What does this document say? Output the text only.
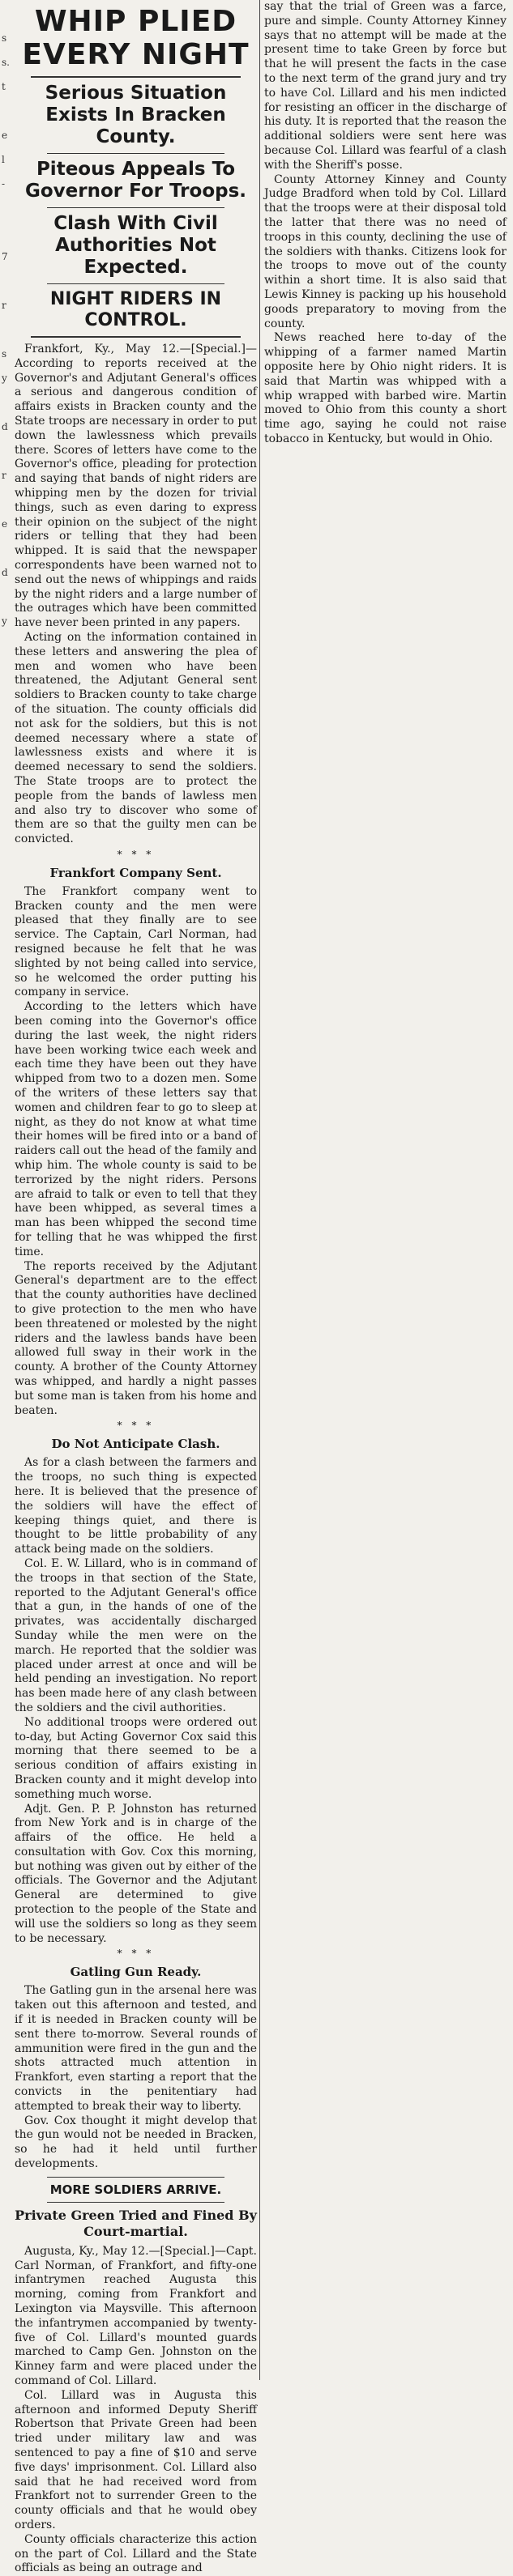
s
s.
t
e
l
-
7
r
s
y
d
r
e
d
y
WHIP PLIED EVERY NIGHT
Serious Situation Exists In Bracken County.
Piteous Appeals To Governor For Troops.
Clash With Civil Authorities Not Expected.
NIGHT RIDERS IN CONTROL.

Frankfort, Ky., May 12.—[Special.]—According to reports received at the Governor's and Adjutant General's offices a serious and dangerous condition of affairs exists in Bracken county and the State troops are necessary in order to put down the lawlessness which prevails there. Scores of letters have come to the Governor's office, pleading for protection and saying that bands of night riders are whipping men by the dozen for trivial things, such as even daring to express their opinion on the subject of the night riders or telling that they had been whipped. It is said that the newspaper correspondents have been warned not to send out the news of whippings and raids by the night riders and a large number of the outrages which have been committed have never been printed in any papers.

Acting on the information contained in these letters and answering the plea of men and women who have been threatened, the Adjutant General sent soldiers to Bracken county to take charge of the situation. The county officials did not ask for the soldiers, but this is not deemed necessary where a state of lawlessness exists and where it is deemed necessary to send the soldiers. The State troops are to protect the people from the bands of lawless men and also try to discover who some of them are so that the guilty men can be convicted.

* * *
Frankfort Company Sent.

The Frankfort company went to Bracken county and the men were pleased that they finally are to see service. The Captain, Carl Norman, had resigned because he felt that he was slighted by not being called into service, so he welcomed the order putting his company in service.

According to the letters which have been coming into the Governor's office during the last week, the night riders have been working twice each week and each time they have been out they have whipped from two to a dozen men. Some of the writers of these letters say that women and children fear to go to sleep at night, as they do not know at what time their homes will be fired into or a band of raiders call out the head of the family and whip him. The whole county is said to be terrorized by the night riders. Persons are afraid to talk or even to tell that they have been whipped, as several times a man has been whipped the second time for telling that he was whipped the first time.

The reports received by the Adjutant General's department are to the effect that the county authorities have declined to give protection to the men who have been threatened or molested by the night riders and the lawless bands have been allowed full sway in their work in the county. A brother of the County Attorney was whipped, and hardly a night passes but some man is taken from his home and beaten.

* * *
Do Not Anticipate Clash.

As for a clash between the farmers and the troops, no such thing is expected here. It is believed that the presence of the soldiers will have the effect of keeping things quiet, and there is thought to be little probability of any attack being made on the soldiers.

Col. E. W. Lillard, who is in command of the troops in that section of the State, reported to the Adjutant General's office that a gun, in the hands of one of the privates, was accidentally discharged Sunday while the men were on the march. He reported that the soldier was placed under arrest at once and will be held pending an investigation. No report has been made here of any clash between the soldiers and the civil authorities.

No additional troops were ordered out to-day, but Acting Governor Cox said this morning that there seemed to be a serious condition of affairs existing in Bracken county and it might develop into something much worse.

Adjt. Gen. P. P. Johnston has returned from New York and is in charge of the affairs of the office. He held a consultation with Gov. Cox this morning, but nothing was given out by either of the officials. The Governor and the Adjutant General are determined to give protection to the people of the State and will use the soldiers so long as they seem to be necessary.

* * *
Gatling Gun Ready.

The Gatling gun in the arsenal here was taken out this afternoon and tested, and if it is needed in Bracken county will be sent there to-morrow. Several rounds of ammunition were fired in the gun and the shots attracted much attention in Frankfort, even starting a report that the convicts in the penitentiary had attempted to break their way to liberty.

Gov. Cox thought it might develop that the gun would not be needed in Bracken, so he had it held until further developments.

MORE SOLDIERS ARRIVE.
Private Green Tried and Fined By Court-martial.

Augusta, Ky., May 12.—[Special.]—Capt. Carl Norman, of Frankfort, and fifty-one infantrymen reached Augusta this morning, coming from Frankfort and Lexington via Maysville. This afternoon the infantrymen accompanied by twenty-five of Col. Lillard's mounted guards marched to Camp Gen. Johnston on the Kinney farm and were placed under the command of Col. Lillard.

Col. Lillard was in Augusta this afternoon and informed Deputy Sheriff Robertson that Private Green had been tried under military law and was sentenced to pay a fine of $10 and serve five days' imprisonment. Col. Lillard also said that he had received word from Frankfort not to surrender Green to the county officials and that he would obey orders.

County officials characterize this action on the part of Col. Lillard and the State officials as being an outrage and

say that the trial of Green was a farce, pure and simple. County Attorney Kinney says that no attempt will be made at the present time to take Green by force but that he will present the facts in the case to the next term of the grand jury and try to have Col. Lillard and his men indicted for resisting an officer in the discharge of his duty. It is reported that the reason the additional soldiers were sent here was because Col. Lillard was fearful of a clash with the Sheriff's posse.

County Attorney Kinney and County Judge Bradford when told by Col. Lillard that the troops were at their disposal told the latter that there was no need of troops in this county, declining the use of the soldiers with thanks. Citizens look for the troops to move out of the county within a short time. It is also said that Lewis Kinney is packing up his household goods preparatory to moving from the county.

News reached here to-day of the whipping of a farmer named Martin opposite here by Ohio night riders. It is said that Martin was whipped with a whip wrapped with barbed wire. Martin moved to Ohio from this county a short time ago, saying he could not raise tobacco in Kentucky, but would in Ohio.
